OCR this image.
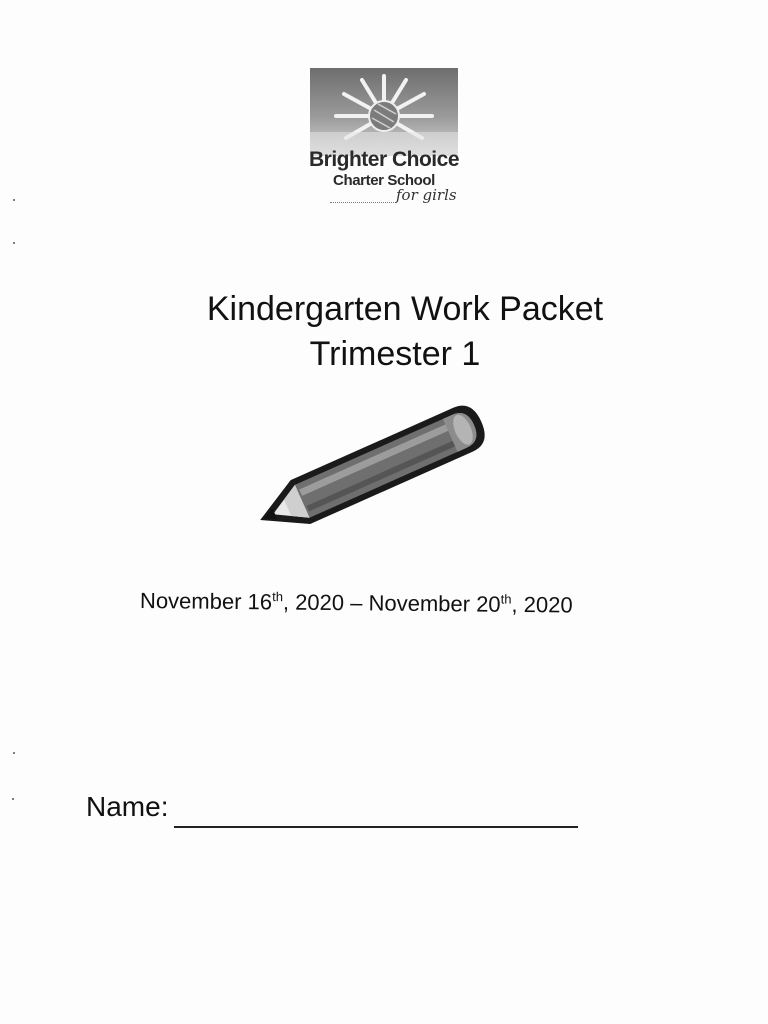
Brighter Choice
Charter School
for girls
Kindergarten Work Packet
Trimester 1
November 16th, 2020 – November 20th, 2020
Name:
